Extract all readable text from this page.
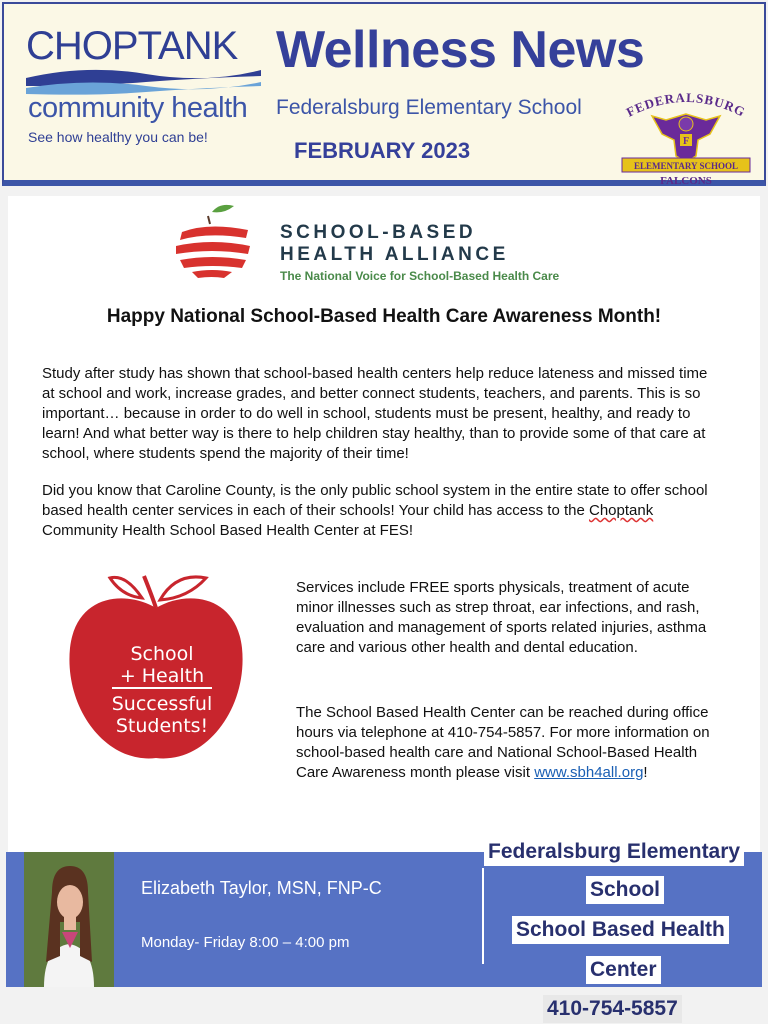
CHOPTANK
community health
See how healthy you can be!
Wellness News
Federalsburg Elementary School
FEBRUARY 2023
FEDERALSBURG
F
ELEMENTARY SCHOOL
FALCONS
SCHOOL-BASED
HEALTH ALLIANCE
The National Voice for School-Based Health Care
Happy National School-Based Health Care Awareness Month!
Study after study has shown that school-based health centers help reduce lateness and missed time at school and work, increase grades, and better connect students, teachers, and parents. This is so important… because in order to do well in school, students must be present, healthy, and ready to learn! And what better way is there to help children stay healthy, than to provide some of that care at school, where students spend the majority of their time!
Did you know that Caroline County, is the only public school system in the entire state to offer school based health center services in each of their schools! Your child has access to the Choptank Community Health School Based Health Center at FES!
School
+ Health
Successful
Students!
Services include FREE sports physicals, treatment of acute minor illnesses such as strep throat, ear infections, and rash, evaluation and management of sports related injuries, asthma care and various other health and dental education.
The School Based Health Center can be reached during office hours via telephone at 410-754-5857. For more information on school-based health care and National School-Based Health Care Awareness month please visit www.sbh4all.org!
Elizabeth Taylor, MSN, FNP-C
Monday- Friday 8:00 – 4:00 pm
Federalsburg Elementary
School
School Based Health
Center
410-754-5857
